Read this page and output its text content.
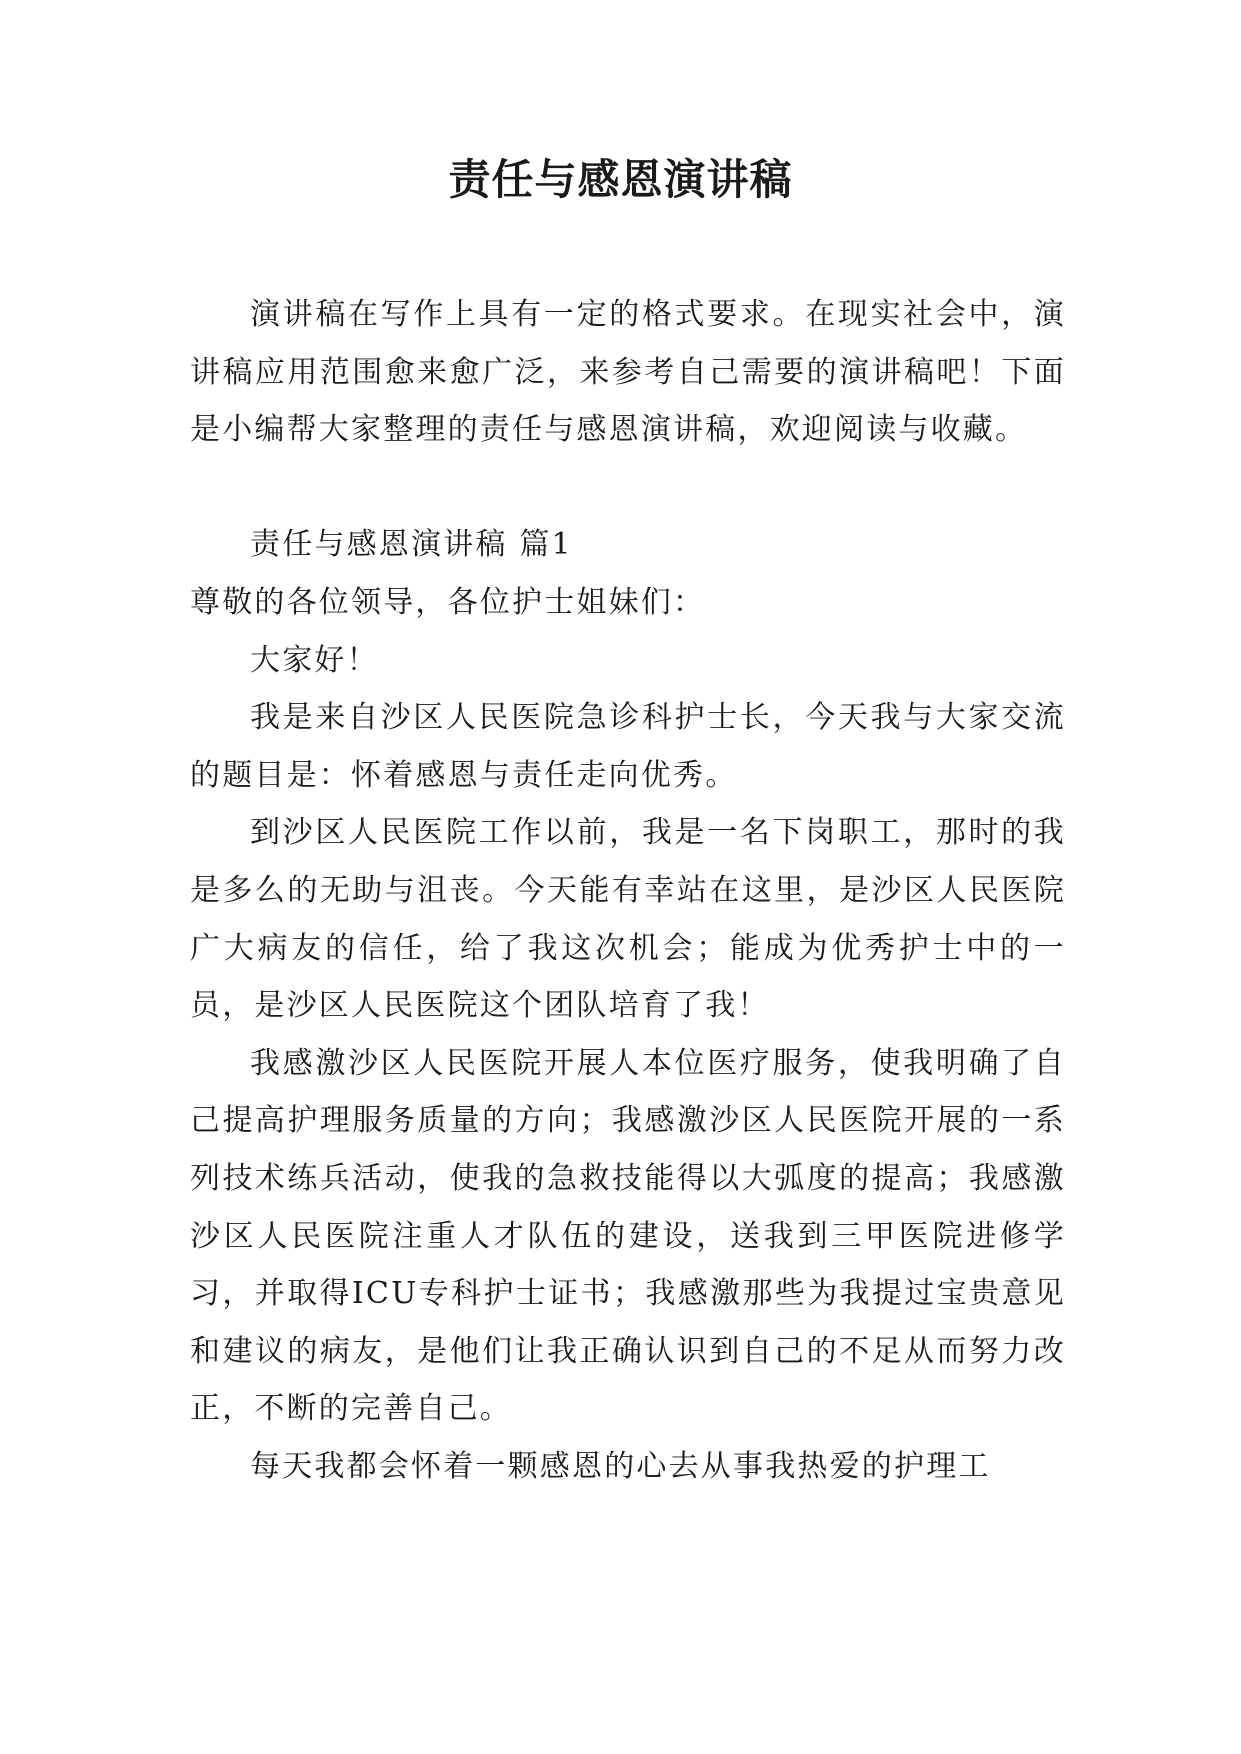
责任与感恩演讲稿

演讲稿在写作上具有一定的格式要求。在现实社会中，演讲稿应用范围愈来愈广泛，来参考自己需要的演讲稿吧！下面是小编帮大家整理的责任与感恩演讲稿，欢迎阅读与收藏。

责任与感恩演讲稿 篇1

尊敬的各位领导，各位护士姐妹们：

大家好！

我是来自沙区人民医院急诊科护士长，今天我与大家交流的题目是：怀着感恩与责任走向优秀。

到沙区人民医院工作以前，我是一名下岗职工，那时的我是多么的无助与沮丧。今天能有幸站在这里，是沙区人民医院广大病友的信任，给了我这次机会；能成为优秀护士中的一员，是沙区人民医院这个团队培育了我！

我感激沙区人民医院开展人本位医疗服务，使我明确了自己提高护理服务质量的方向；我感激沙区人民医院开展的一系列技术练兵活动，使我的急救技能得以大弧度的提高；我感激沙区人民医院注重人才队伍的建设，送我到三甲医院进修学习，并取得ICU专科护士证书；我感激那些为我提过宝贵意见和建议的病友，是他们让我正确认识到自己的不足从而努力改正，不断的完善自己。

每天我都会怀着一颗感恩的心去从事我热爱的护理工
